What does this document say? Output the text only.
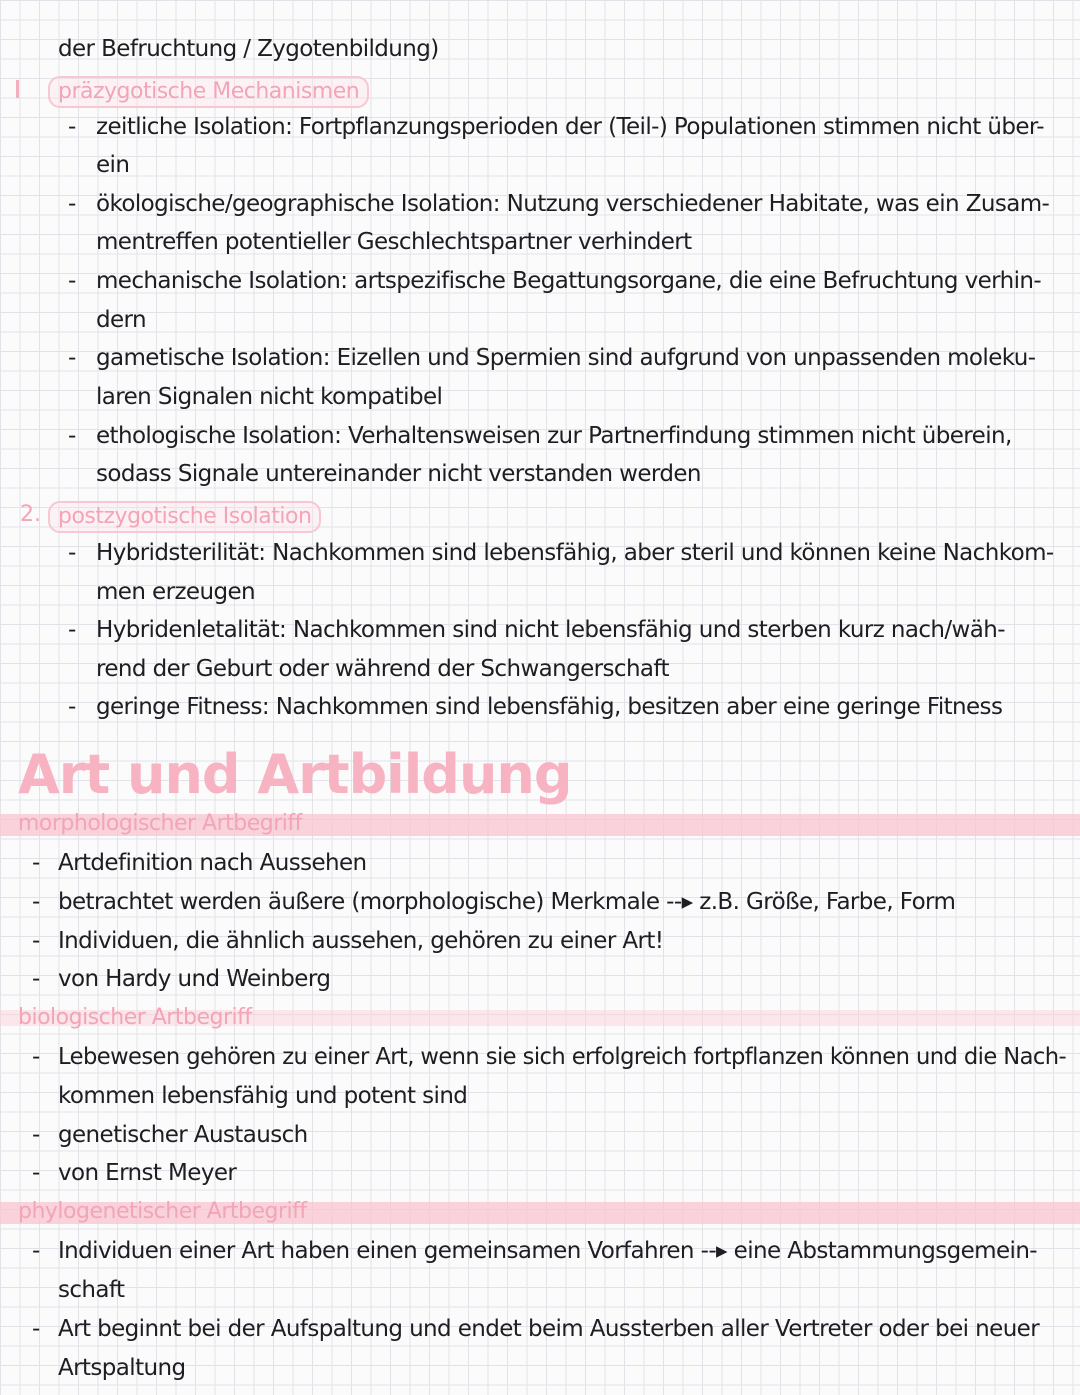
der Befruchtung / Zygotenbildung)
präzygotische Mechanismen
- zeitliche Isolation: Fortpflanzungsperioden der (Teil-) Populationen stimmen nicht über-
ein
- ökologische/geographische Isolation: Nutzung verschiedener Habitate, was ein Zusam-
mentreffen potentieller Geschlechtspartner verhindert
- mechanische Isolation: artspezifische Begattungsorgane, die eine Befruchtung verhin-
dern
- gametische Isolation: Eizellen und Spermien sind aufgrund von unpassenden moleku-
laren Signalen nicht kompatibel
- ethologische Isolation: Verhaltensweisen zur Partnerfindung stimmen nicht überein,
sodass Signale untereinander nicht verstanden werden
2. postzygotische Isolation
- Hybridsterilität: Nachkommen sind lebensfähig, aber steril und können keine Nachkom-
men erzeugen
- Hybridenletalität: Nachkommen sind nicht lebensfähig und sterben kurz nach/wäh-
rend der Geburt oder während der Schwangerschaft
- geringe Fitness: Nachkommen sind lebensfähig, besitzen aber eine geringe Fitness
Art und Artbildung
morphologischer Artbegriff
- Artdefinition nach Aussehen
- betrachtet werden äußere (morphologische) Merkmale --▸ z.B. Größe, Farbe, Form
- Individuen, die ähnlich aussehen, gehören zu einer Art!
- von Hardy und Weinberg
biologischer Artbegriff
- Lebewesen gehören zu einer Art, wenn sie sich erfolgreich fortpflanzen können und die Nach-
kommen lebensfähig und potent sind
- genetischer Austausch
- von Ernst Meyer
phylogenetischer Artbegriff
- Individuen einer Art haben einen gemeinsamen Vorfahren --▸ eine Abstammungsgemein-
schaft
- Art beginnt bei der Aufspaltung und endet beim Aussterben aller Vertreter oder bei neuer
Artspaltung
